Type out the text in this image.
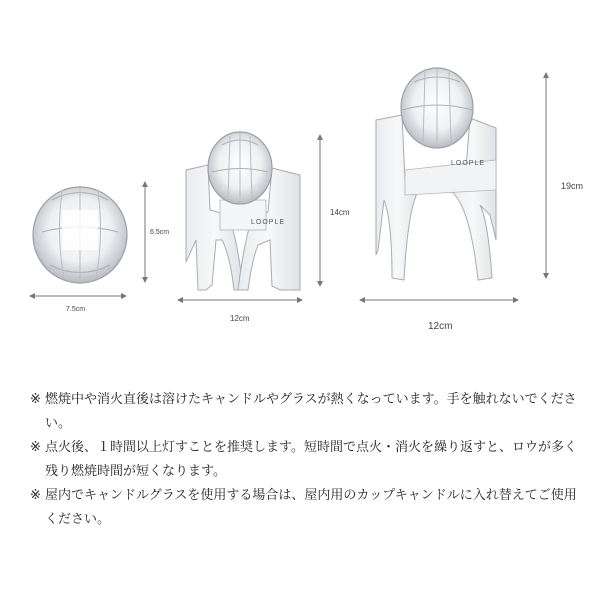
LOOPLE
LOOPLE
7.5cm
6.5cm
12cm
14cm
12cm
19cm
※ 燃焼中や消火直後は溶けたキャンドルやグラスが熱くなっています。手を触れないでください。
※ 点火後、１時間以上灯すことを推奨します。短時間で点火・消火を繰り返すと、ロウが多く残り燃焼時間が短くなります。
※ 屋内でキャンドルグラスを使用する場合は、屋内用のカップキャンドルに入れ替えてご使用ください。
